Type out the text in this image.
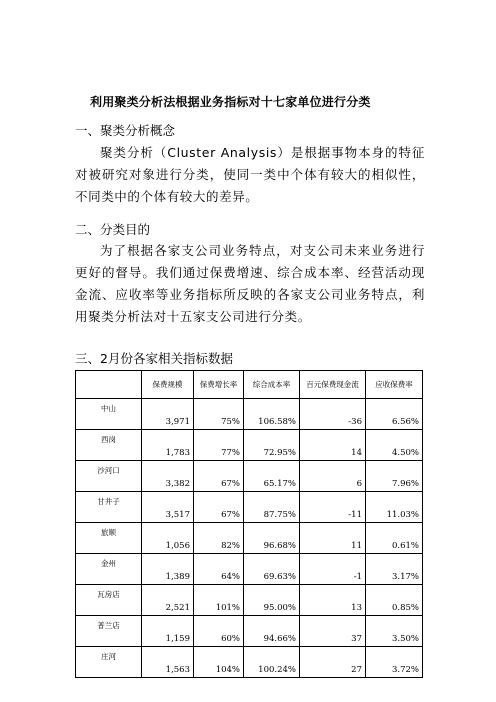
利用聚类分析法根据业务指标对十七家单位进行分类
一、聚类分析概念
聚类分析（Cluster Analysis）是根据事物本身的特征对被研究对象进行分类，使同一类中个体有较大的相似性，不同类中的个体有较大的差异。
二、分类目的
为了根据各家支公司业务特点，对支公司未来业务进行更好的督导。我们通过保费增速、综合成本率、经营活动现金流、应收率等业务指标所反映的各家支公司业务特点，利用聚类分析法对十五家支公司进行分类。
三、2月份各家相关指标数据
	保费规模	保费增长率	综合成本率	百元保费现金流	应收保费率
中山	3,971	75%	106.58%	-36	6.56%
西岗	1,783	77%	72.95%	14	4.50%
沙河口	3,382	67%	65.17%	6	7.96%
甘井子	3,517	67%	87.75%	-11	11.03%
旅顺	1,056	82%	96.68%	11	0.61%
金州	1,389	64%	69.63%	-1	3.17%
瓦房店	2,521	101%	95.00%	13	0.85%
普兰店	1,159	60%	94.66%	37	3.50%
庄河	1,563	104%	100.24%	27	3.72%
